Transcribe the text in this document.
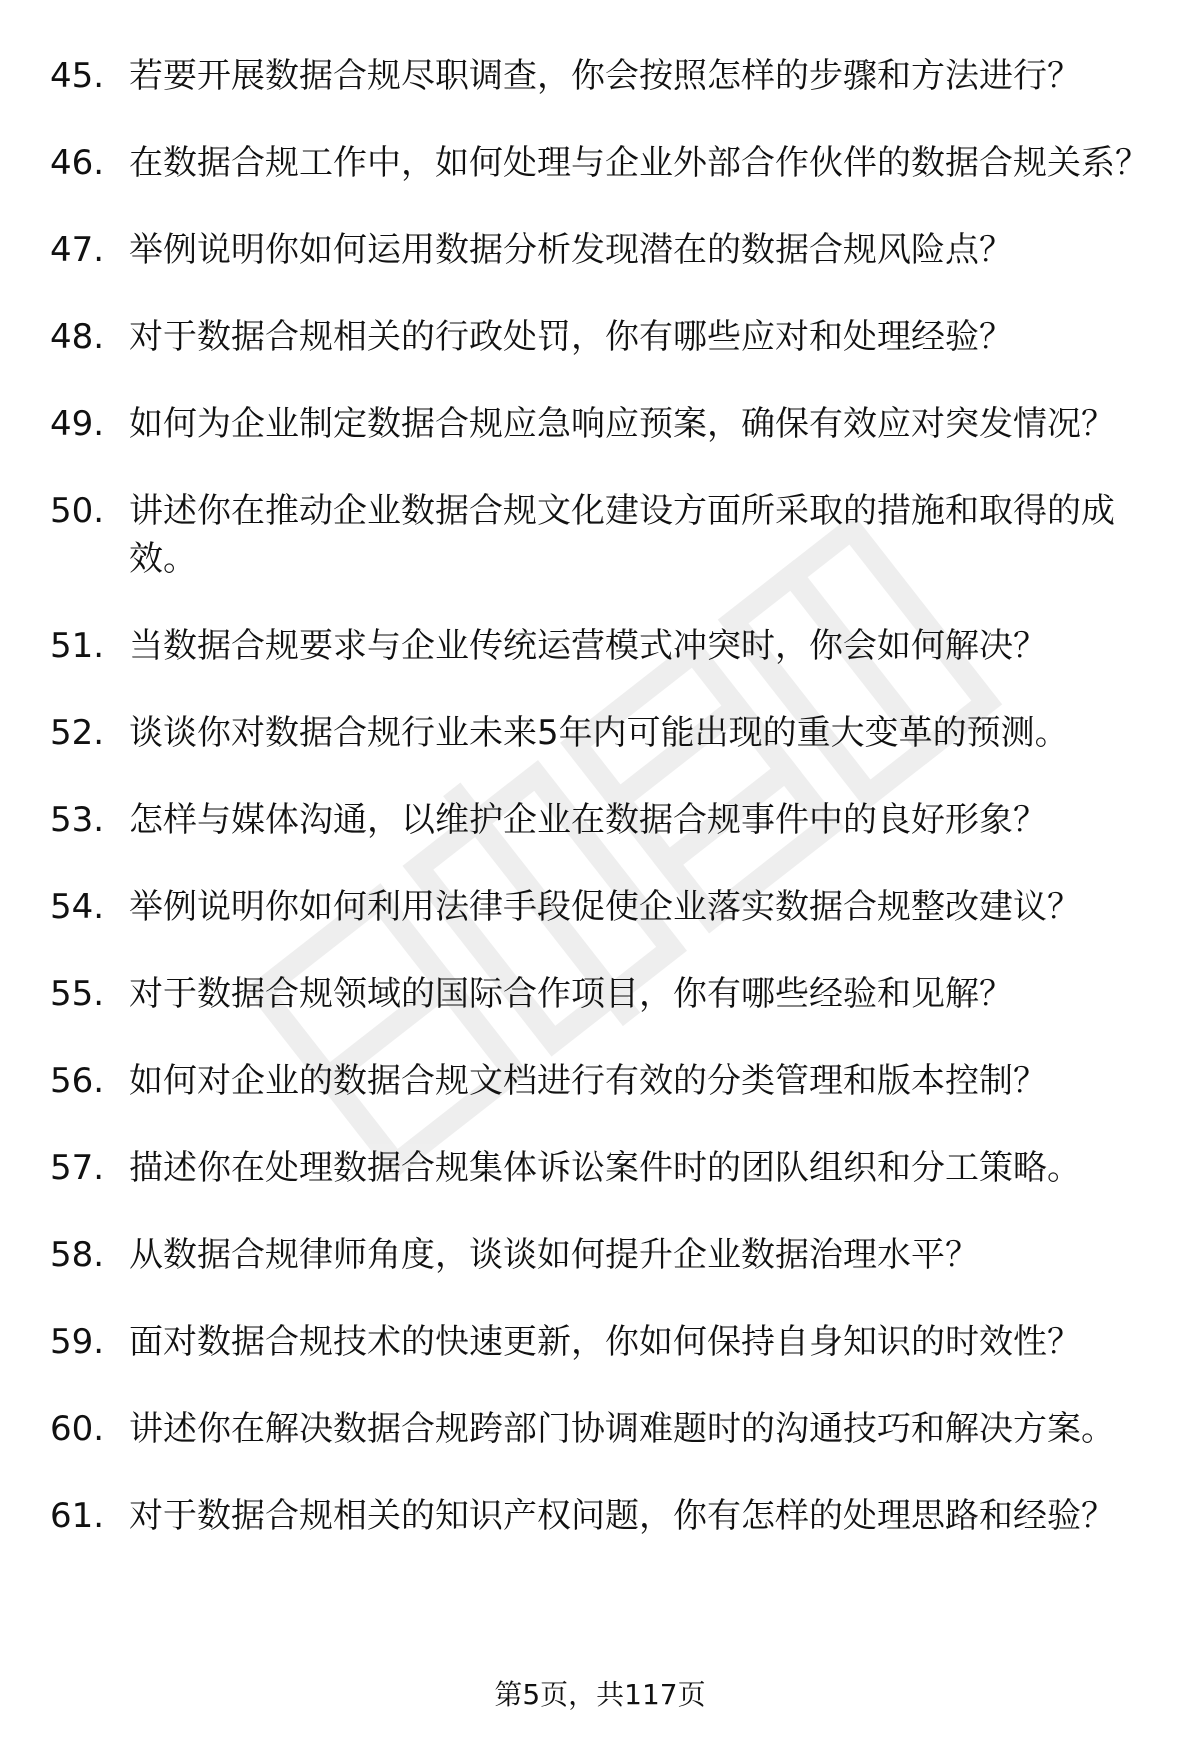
45. 若要开展数据合规尽职调查，你会按照怎样的步骤和方法进行？
46. 在数据合规工作中，如何处理与企业外部合作伙伴的数据合规关系？
47. 举例说明你如何运用数据分析发现潜在的数据合规风险点？
48. 对于数据合规相关的行政处罚，你有哪些应对和处理经验？
49. 如何为企业制定数据合规应急响应预案，确保有效应对突发情况？
50. 讲述你在推动企业数据合规文化建设方面所采取的措施和取得的成效。
51. 当数据合规要求与企业传统运营模式冲突时，你会如何解决？
52. 谈谈你对数据合规行业未来5年内可能出现的重大变革的预测。
53. 怎样与媒体沟通，以维护企业在数据合规事件中的良好形象？
54. 举例说明你如何利用法律手段促使企业落实数据合规整改建议？
55. 对于数据合规领域的国际合作项目，你有哪些经验和见解？
56. 如何对企业的数据合规文档进行有效的分类管理和版本控制？
57. 描述你在处理数据合规集体诉讼案件时的团队组织和分工策略。
58. 从数据合规律师角度，谈谈如何提升企业数据治理水平？
59. 面对数据合规技术的快速更新，你如何保持自身知识的时效性？
60. 讲述你在解决数据合规跨部门协调难题时的沟通技巧和解决方案。
61. 对于数据合规相关的知识产权问题，你有怎样的处理思路和经验？
第5页，共117页
